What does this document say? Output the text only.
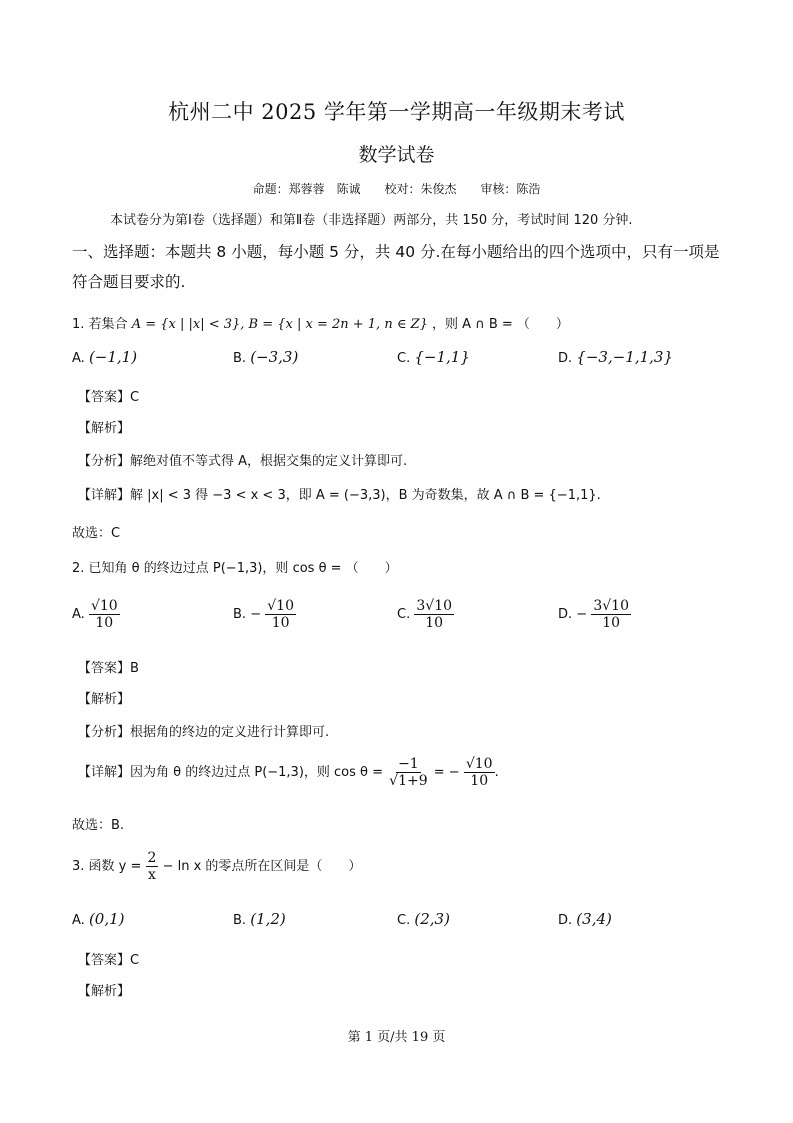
杭州二中 2025 学年第一学期高一年级期末考试
数学试卷
命题：郑蓉蓉　陈诚 校对：朱俊杰 审核：陈浩
本试卷分为第Ⅰ卷（选择题）和第Ⅱ卷（非选择题）两部分，共 150 分，考试时间 120 分钟.
一、选择题：本题共 8 小题，每小题 5 分，共 40 分.在每小题给出的四个选项中，只有一项是
符合题目要求的.
1. 若集合 A = {x | |x| < 3}, B = {x | x = 2n + 1, n ∈ Z} ，则 A ∩ B = （　　）
A. (−1,1)	B. (−3,3)	C. {−1,1}	D. {−3,−1,1,3}
【答案】C
【解析】
【分析】解绝对值不等式得 A，根据交集的定义计算即可.
【详解】解 |x| < 3 得 −3 < x < 3，即 A = (−3,3)，B 为奇数集，故 A ∩ B = {−1,1}.
故选：C
2. 已知角 θ 的终边过点 P(−1,3)，则 cos θ = （　　）
A. $\frac{√10}{10}$	B. − $\frac{√10}{10}$	C. $\frac{3√10}{10}$	D. − $\frac{3√10}{10}$
【答案】B
【解析】
【分析】根据角的终边的定义进行计算即可.
【详解】因为角 θ 的终边过点 P(−1,3)，则 $\cos \theta = \frac{-1}{√1+9}$ = − $\frac{√10}{10}$ .
故选：B.
3. 函数 $y = \frac{2}{x} - \ln x$ 的零点所在区间是（　　）
A. (0,1)	B. (1,2)	C. (2,3)	D. (3,4)
【答案】C
【解析】
第 1 页/共 19 页
